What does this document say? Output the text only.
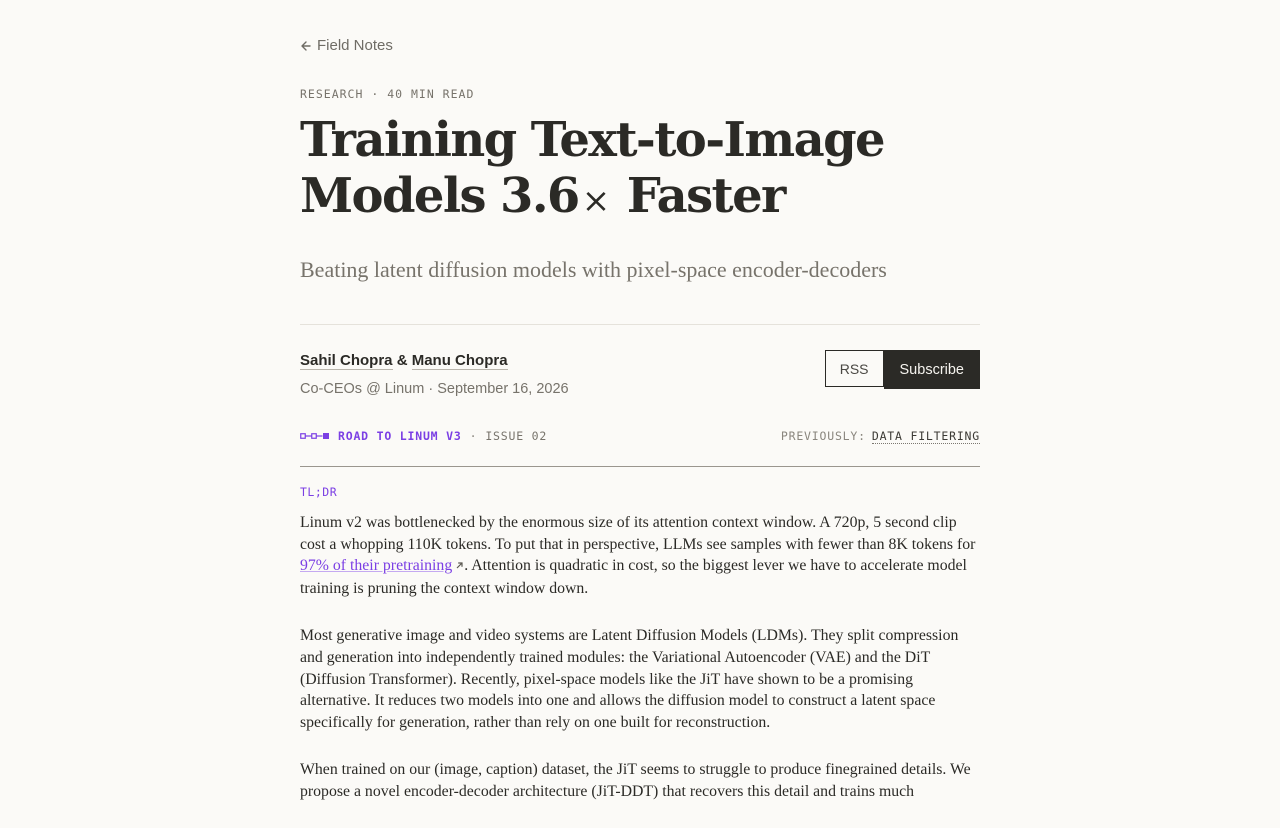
Field Notes
RESEARCH · 40 MIN READ
Training Text-to-Image
Models 3.6× Faster
Beating latent diffusion models with pixel-space encoder-decoders
Sahil Chopra & Manu Chopra
Co-CEOs @ Linum · September 16, 2026
RSS	Subscribe
ROAD TO LINUM V3 · ISSUE 02	PREVIOUSLY: DATA FILTERING
TL;DR

Linum v2 was bottlenecked by the enormous size of its attention context window. A 720p, 5 second clip cost a whopping 110K tokens. To put that in perspective, LLMs see samples with fewer than 8K tokens for 97% of their pretraining . Attention is quadratic in cost, so the biggest lever we have to accelerate model training is pruning the context window down.

Most generative image and video systems are Latent Diffusion Models (LDMs). They split compression and generation into independently trained modules: the Variational Autoencoder (VAE) and the DiT (Diffusion Transformer). Recently, pixel-space models like the JiT have shown to be a promising alternative. It reduces two models into one and allows the diffusion model to construct a latent space specifically for generation, rather than rely on one built for reconstruction.

When trained on our (image, caption) dataset, the JiT seems to struggle to produce finegrained details. We propose a novel encoder-decoder architecture (JiT-DDT) that recovers this detail and trains much
